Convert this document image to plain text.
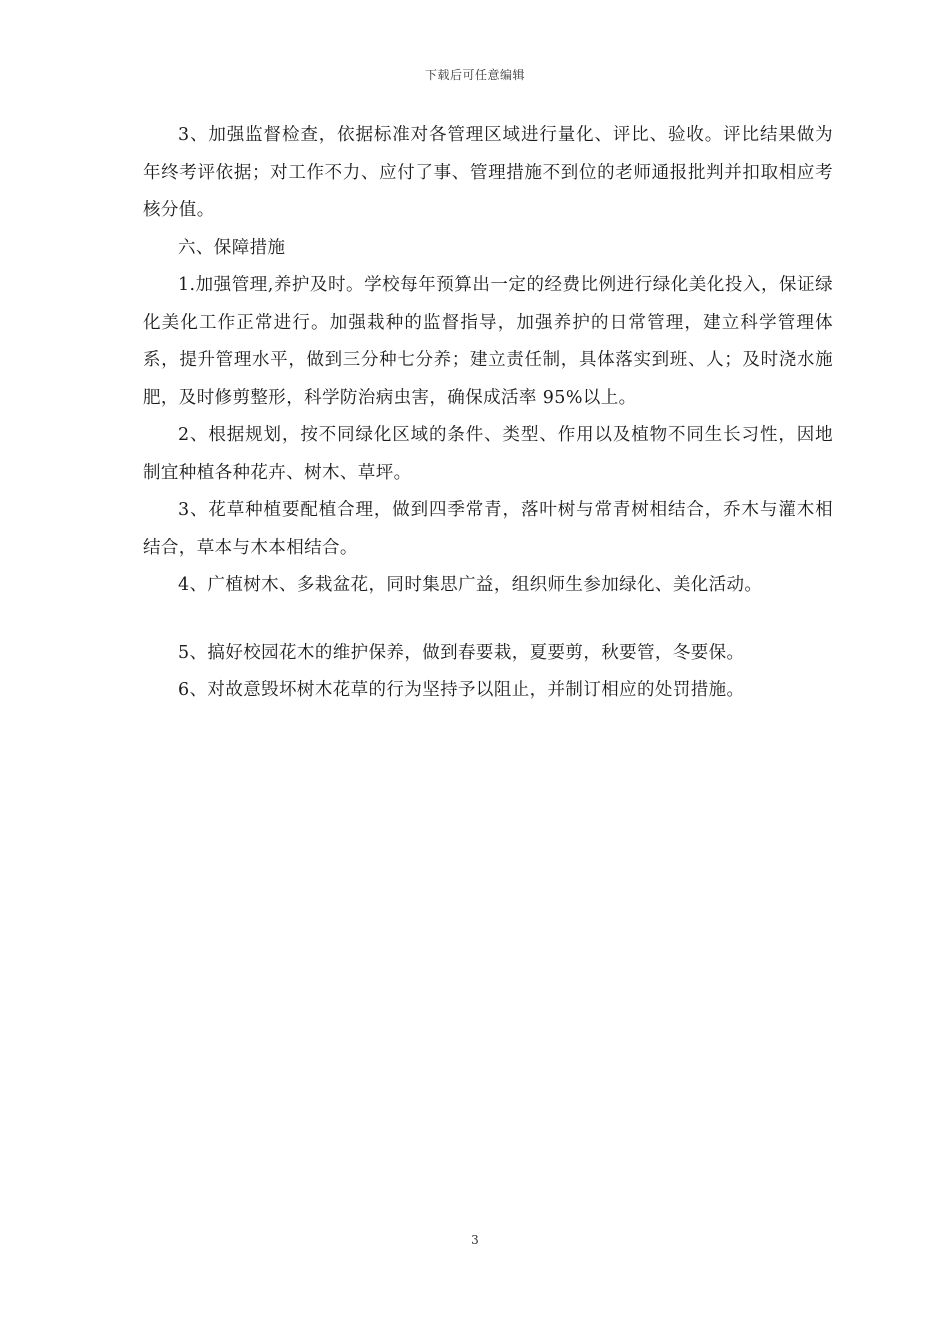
下载后可任意编辑

3、加强监督检查，依据标准对各管理区域进行量化、评比、验收。评比结果做为年终考评依据；对工作不力、应付了事、管理措施不到位的老师通报批判并扣取相应考核分值。

六、保障措施

1.加强管理,养护及时。学校每年预算出一定的经费比例进行绿化美化投入，保证绿化美化工作正常进行。加强栽种的监督指导，加强养护的日常管理，建立科学管理体系，提升管理水平，做到三分种七分养；建立责任制，具体落实到班、人；及时浇水施肥，及时修剪整形，科学防治病虫害，确保成活率 95%以上。

2、根据规划，按不同绿化区域的条件、类型、作用以及植物不同生长习性，因地制宜种植各种花卉、树木、草坪。

3、花草种植要配植合理，做到四季常青，落叶树与常青树相结合，乔木与灌木相结合，草本与木本相结合。

4、广植树木、多栽盆花，同时集思广益，组织师生参加绿化、美化活动。

5、搞好校园花木的维护保养，做到春要栽，夏要剪，秋要管，冬要保。

6、对故意毁坏树木花草的行为坚持予以阻止，并制订相应的处罚措施。

3
